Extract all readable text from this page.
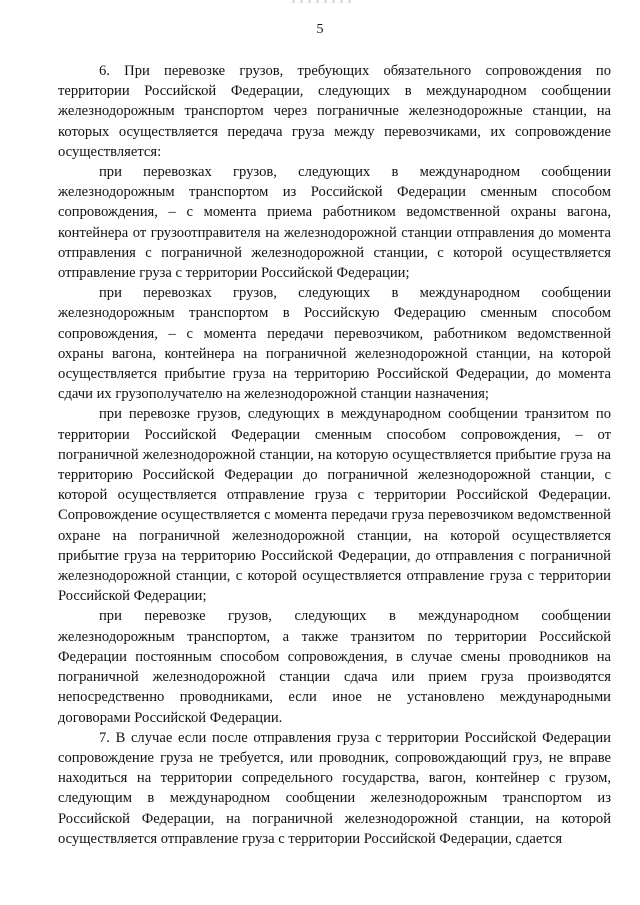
5

6. При перевозке грузов, требующих обязательного сопровождения по территории Российской Федерации, следующих в международном сообщении железнодорожным транспортом через пограничные железнодорожные станции, на которых осуществляется передача груза между перевозчиками, их сопровождение осуществляется:

при перевозках грузов, следующих в международном сообщении железнодорожным транспортом из Российской Федерации сменным способом сопровождения, – с момента приема работником ведомственной охраны вагона, контейнера от грузоотправителя на железнодорожной станции отправления до момента отправления с пограничной железнодорожной станции, с которой осуществляется отправление груза с территории Российской Федерации;

при перевозках грузов, следующих в международном сообщении железнодорожным транспортом в Российскую Федерацию сменным способом сопровождения, – с момента передачи перевозчиком, работником ведомственной охраны вагона, контейнера на пограничной железнодорожной станции, на которой осуществляется прибытие груза на территорию Российской Федерации, до момента сдачи их грузополучателю на железнодорожной станции назначения;

при перевозке грузов, следующих в международном сообщении транзитом по территории Российской Федерации сменным способом сопровождения, – от пограничной железнодорожной станции, на которую осуществляется прибытие груза на территорию Российской Федерации до пограничной железнодорожной станции, с которой осуществляется отправление груза с территории Российской Федерации. Сопровождение осуществляется с момента передачи груза перевозчиком ведомственной охране на пограничной железнодорожной станции, на которой осуществляется прибытие груза на территорию Российской Федерации, до отправления с пограничной железнодорожной станции, с которой осуществляется отправление груза с территории Российской Федерации;

при перевозке грузов, следующих в международном сообщении железнодорожным транспортом, а также транзитом по территории Российской Федерации постоянным способом сопровождения, в случае смены проводников на пограничной железнодорожной станции сдача или прием груза производятся непосредственно проводниками, если иное не установлено международными договорами Российской Федерации.

7. В случае если после отправления груза с территории Российской Федерации сопровождение груза не требуется, или проводник, сопровождающий груз, не вправе находиться на территории сопредельного государства, вагон, контейнер с грузом, следующим в международном сообщении железнодорожным транспортом из Российской Федерации, на пограничной железнодорожной станции, на которой осуществляется отправление груза с территории Российской Федерации, сдается
